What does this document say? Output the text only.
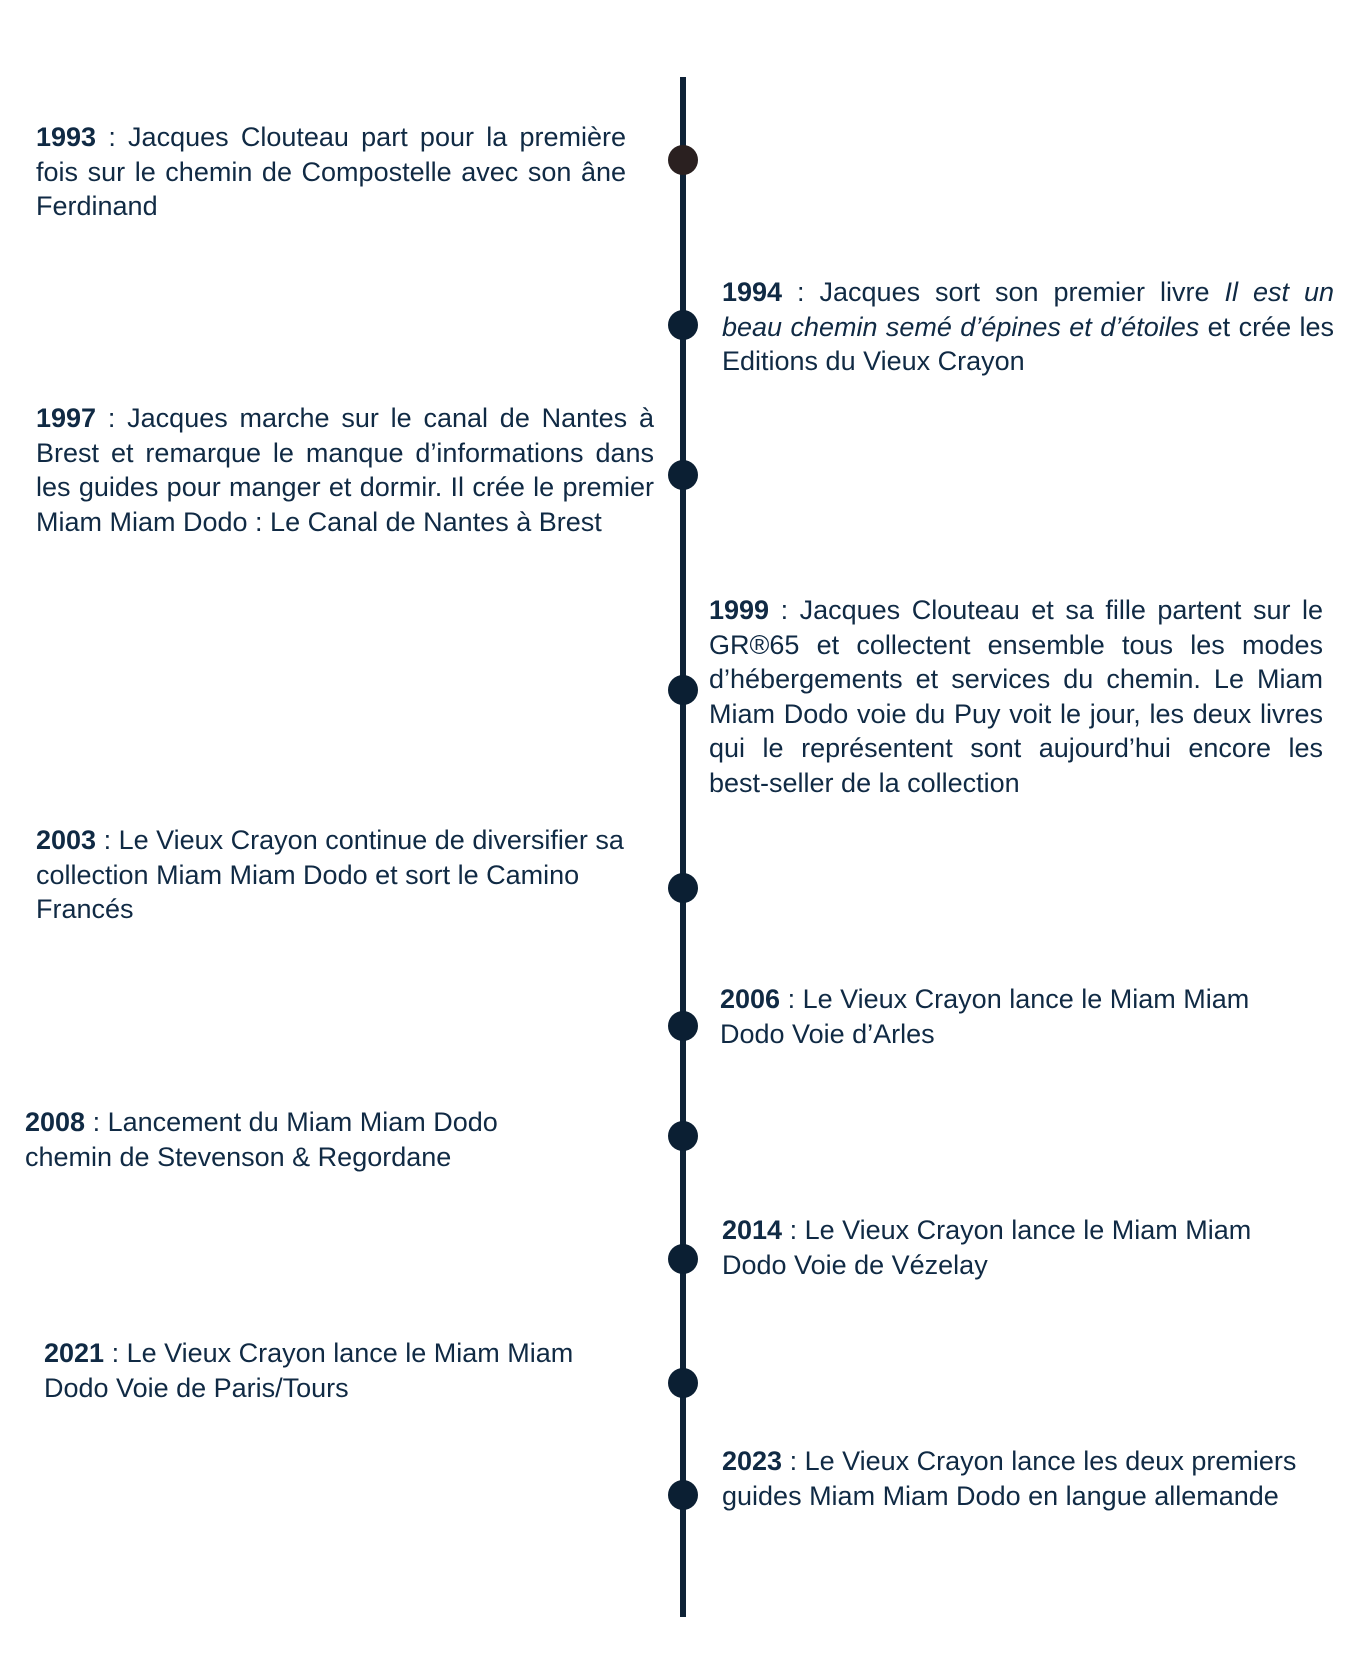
1993 : Jacques Clouteau part pour la première fois sur le chemin de Compostelle avec son âne Ferdinand

1994 : Jacques sort son premier livre Il est un beau chemin semé d’épines et d’étoiles et crée les Editions du Vieux Crayon

1997 : Jacques marche sur le canal de Nantes à Brest et remarque le manque d’informations dans les guides pour manger et dormir. Il crée le premier Miam Miam Dodo : Le Canal de Nantes à Brest

1999 : Jacques Clouteau et sa fille partent sur le GR®65 et collectent ensemble tous les modes d’hébergements et services du chemin. Le Miam Miam Dodo voie du Puy voit le jour, les deux livres qui le représentent sont aujourd’hui encore les best-seller de la collection

2003 : Le Vieux Crayon continue de diversifier sa collection Miam Miam Dodo et sort le Camino Francés

2006 : Le Vieux Crayon lance le Miam Miam Dodo Voie d’Arles

2008 : Lancement du Miam Miam Dodo chemin de Stevenson & Regordane

2014 : Le Vieux Crayon lance le Miam Miam Dodo Voie de Vézelay

2021 : Le Vieux Crayon lance le Miam Miam Dodo Voie de Paris/Tours

2023 : Le Vieux Crayon lance les deux premiers guides Miam Miam Dodo en langue allemande
